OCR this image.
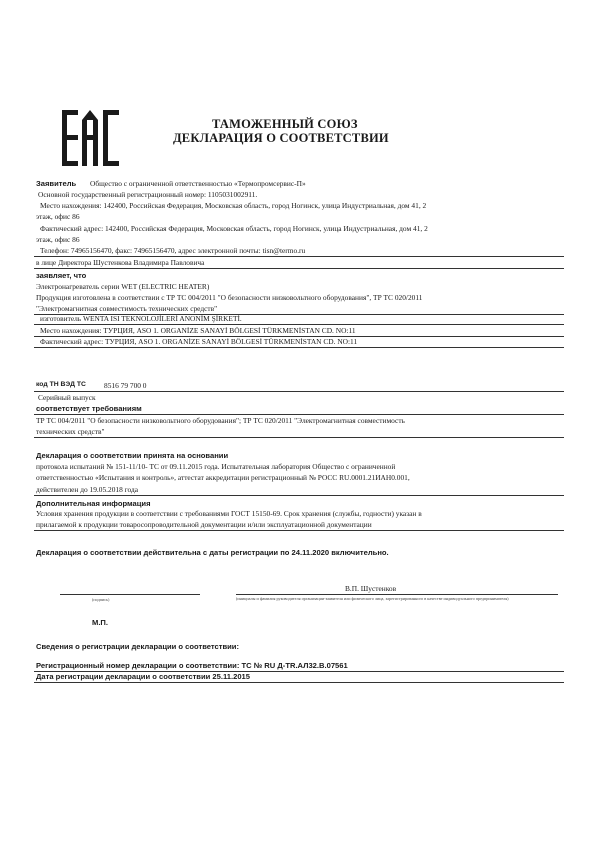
ТАМОЖЕННЫЙ СОЮЗ
ДЕКЛАРАЦИЯ О СООТВЕТСТВИИ
Заявитель Общество с ограниченной ответственностью «Термопромсервис-П»
Основной государственный регистрационный номер: 1105031002911.
Место нахождения: 142400, Российская Федерация, Московская область, город Ногинск, улица Индустриальная, дом 41, 2
этаж, офис 86
Фактический адрес: 142400, Российская Федерация, Московская область, город Ногинск, улица Индустриальная, дом 41, 2
этаж, офис 86
Телефон: 74965156470, факс: 74965156470, адрес электронной почты: tisn@termo.ru
в лице Директора Шустенкова Владимира Павловича
заявляет, что
Электронагреватель серии WET (ELECTRIC HEATER)
Продукция изготовлена в соответствии с ТР ТС 004/2011 "О безопасности низковольтного оборудования", ТР ТС 020/2011
"Электромагнитная совместимость технических средств"
изготовитель WENTA ISI TEKNOLOJİLERİ ANONİM ŞİRKETİ.
Место нахождения: ТУРЦИЯ, ASO 1. ORGANİZE SANAYİ BÖLGESİ TÜRKMENİSTAN CD. NO:11
Фактический адрес: ТУРЦИЯ, ASO 1. ORGANİZE SANAYİ BÖLGESİ TÜRKMENİSTAN CD. NO:11
код ТН ВЭД ТС 8516 79 700 0
Серийный выпуск
соответствует требованиям
ТР ТС 004/2011 "О безопасности низковольтного оборудования"; ТР ТС 020/2011 "Электромагнитная совместимость
технических средств"
Декларация о соответствии принята на основании
протокола испытаний № 151-11/10- ТС от 09.11.2015 года. Испытательная лаборатория Общество с ограниченной
ответственностью «Испытания и контроль», аттестат аккредитации регистрационный № РОСС RU.0001.21ИАН0.001,
действителен до 19.05.2018 года
Дополнительная информация
Условия хранения продукции в соответствии с требованиями ГОСТ 15150-69. Срок хранения (службы, годности) указан в
прилагаемой к продукции товаросопроводительной документации и/или эксплуатационной документации
Декларация о соответствии действительна с даты регистрации по 24.11.2020 включительно.
В.П. Шустенков
(подпись)	(инициалы и фамилия руководителя организации-заявителя или физического лица, зарегистрированного в качестве индивидуального предпринимателя)
М.П.
Сведения о регистрации декларации о соответствии:
Регистрационный номер декларации о соответствии: ТС № RU Д-TR.АЛ32.В.07561
Дата регистрации декларации о соответствии 25.11.2015
